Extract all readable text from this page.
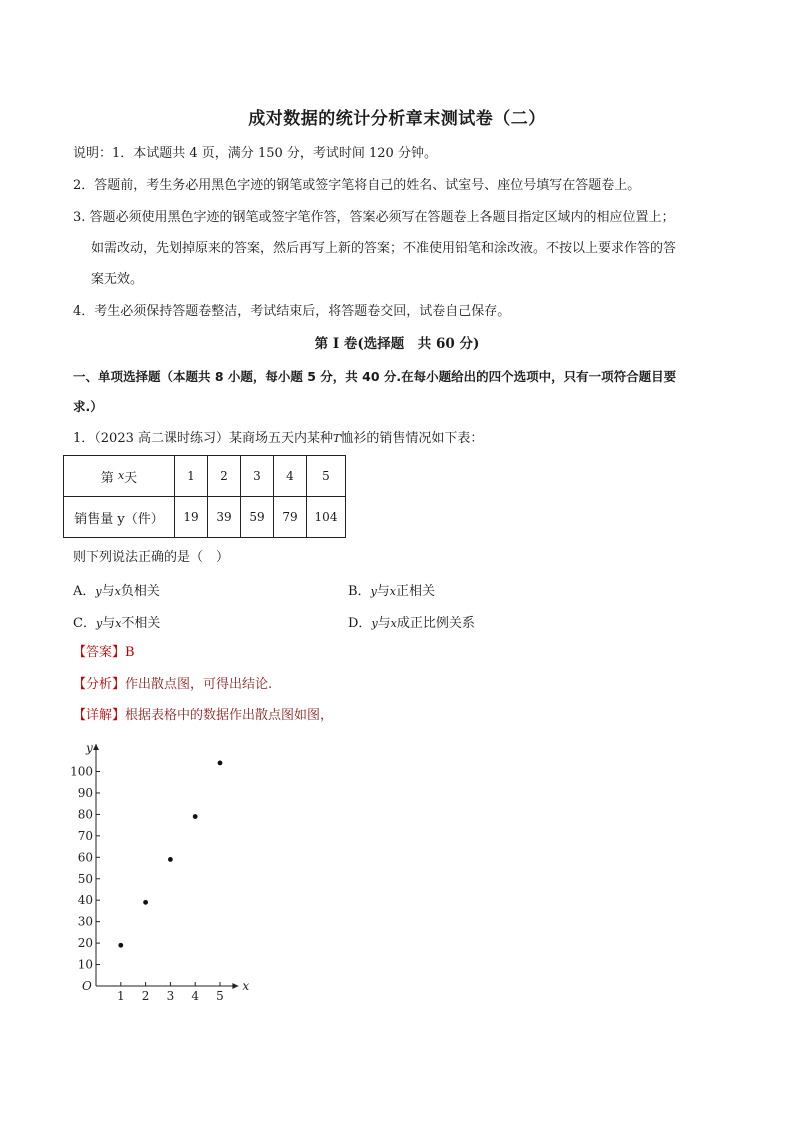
成对数据的统计分析章末测试卷（二）
说明：1．本试题共 4 页，满分 150 分，考试时间 120 分钟。
2．答题前，考生务必用黑色字迹的钢笔或签字笔将自己的姓名、试室号、座位号填写在答题卷上。
3. 答题必须使用黑色字迹的钢笔或签字笔作答，答案必须写在答题卷上各题目指定区域内的相应位置上；
如需改动，先划掉原来的答案，然后再写上新的答案；不准使用铅笔和涂改液。不按以上要求作答的答
案无效。
4．考生必须保持答题卷整洁，考试结束后，将答题卷交回，试卷自己保存。
第 I 卷(选择题　共 60 分)
一、单项选择题（本题共 8 小题，每小题 5 分，共 40 分.在每小题给出的四个选项中，只有一项符合题目要
求.）
1．（2023 高二课时练习）某商场五天内某种T恤衫的销售情况如下表：
第 $^x$天	1	2	3	4	5
销售量 y（件）	19	39	59	79	104
则下列说法正确的是（　）
A．y与x负相关	B．y与x正相关
C．y与x不相关	D．y与x成正比例关系
【答案】B
【分析】作出散点图，可得出结论.
【详解】根据表格中的数据作出散点图如图，
y
x
O
1 2 3 4 5
10
20
30
40
50
60
70
80
90
100
